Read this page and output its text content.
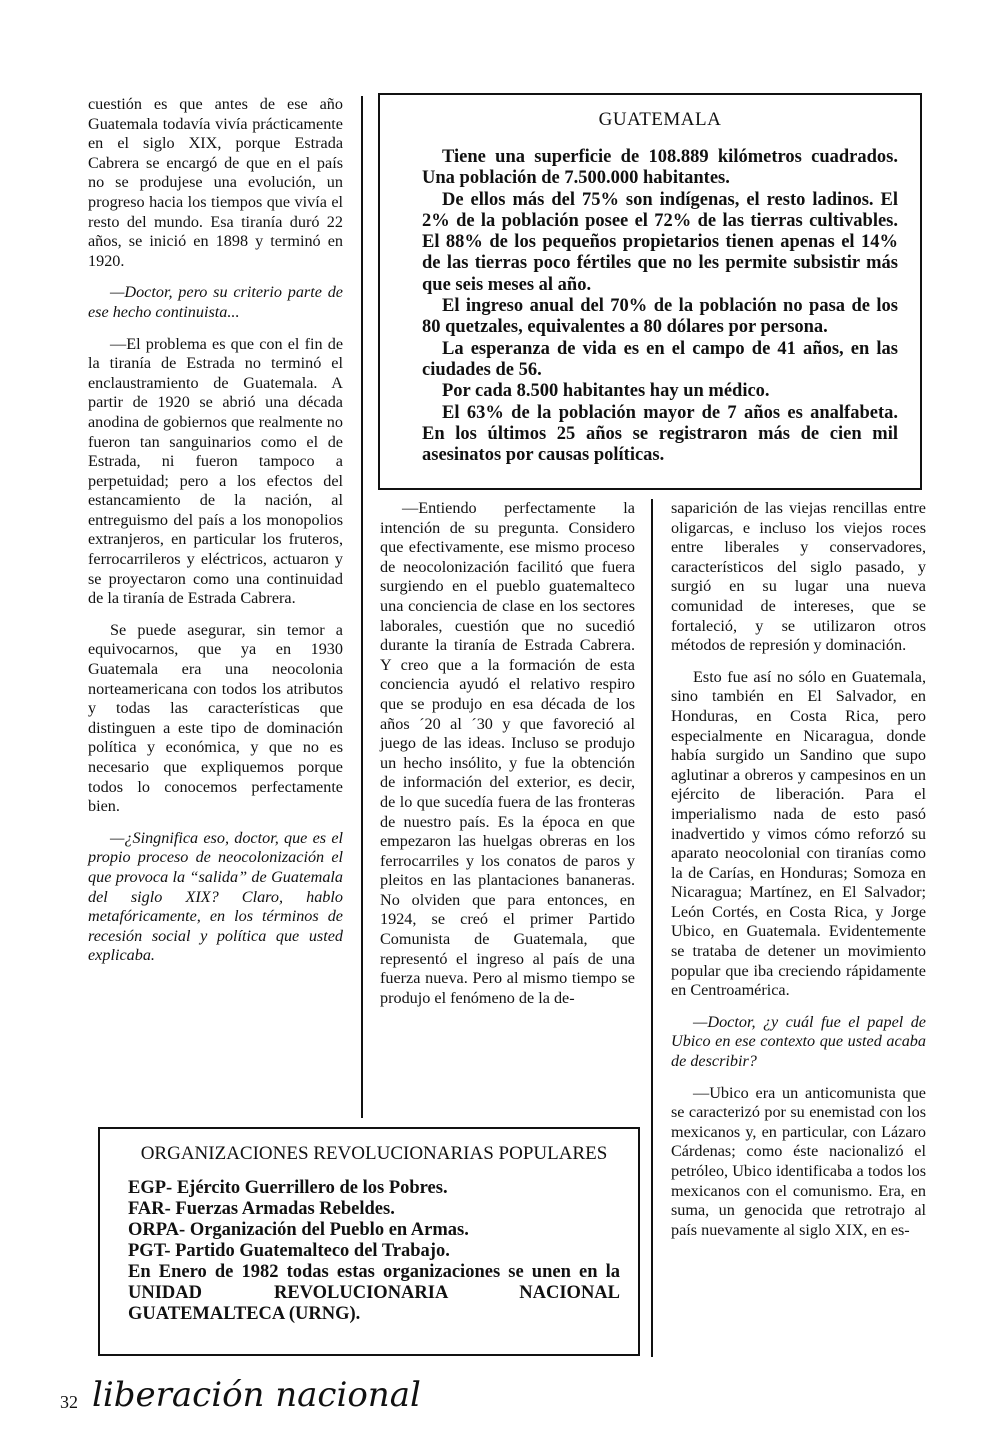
cuestión es que antes de ese año Guatemala todavía vivía prácticamente en el siglo XIX, porque Estrada Cabrera se encargó de que en el país no se produjese una evolución, un progreso hacia los tiempos que vivía el resto del mundo. Esa tiranía duró 22 años, se inició en 1898 y terminó en 1920.

—Doctor, pero su criterio parte de ese hecho continuista...

—El problema es que con el fin de la tiranía de Estrada no terminó el enclaustramiento de Guatemala. A partir de 1920 se abrió una década anodina de gobiernos que realmente no fueron tan sanguinarios como el de Estrada, ni fueron tampoco a perpetuidad; pero a los efectos del estancamiento de la nación, al entreguismo del país a los monopolios extranjeros, en particular los fruteros, ferrocarrileros y eléctricos, actuaron y se proyectaron como una continuidad de la tiranía de Estrada Cabrera.

Se puede asegurar, sin temor a equivocarnos, que ya en 1930 Guatemala era una neocolonia norteamericana con todos los atributos y todas las características que distinguen a este tipo de dominación política y económica, y que no es necesario que expliquemos porque todos lo conocemos perfectamente bien.

—¿Singnifica eso, doctor, que es el propio proceso de neocolonización el que provoca la “salida” de Guatemala del siglo XIX? Claro, hablo metafóricamente, en los términos de recesión social y política que usted explicaba.

GUATEMALA

Tiene una superficie de 108.889 kilómetros cuadrados. Una población de 7.500.000 habitantes.

De ellos más del 75% son indígenas, el resto ladinos. El 2% de la población posee el 72% de las tierras cultivables. El 88% de los pequeños propietarios tienen apenas el 14% de las tierras poco fértiles que no les permite subsistir más que seis meses al año.

El ingreso anual del 70% de la población no pasa de los 80 quetzales, equivalentes a 80 dólares por persona.

La esperanza de vida es en el campo de 41 años, en las ciudades de 56.

Por cada 8.500 habitantes hay un médico.

El 63% de la población mayor de 7 años es analfabeta. En los últimos 25 años se registraron más de cien mil asesinatos por causas políticas.

—Entiendo perfectamente la intención de su pregunta. Considero que efectivamente, ese mismo proceso de neocolonización facilitó que fuera surgiendo en el pueblo guatemalteco una conciencia de clase en los sectores laborales, cuestión que no sucedió durante la tiranía de Estrada Cabrera. Y creo que a la formación de esta conciencia ayudó el relativo respiro que se produjo en esa década de los años ´20 al ´30 y que favoreció al juego de las ideas. Incluso se produjo un hecho insólito, y fue la obtención de información del exterior, es decir, de lo que sucedía fuera de las fronteras de nuestro país. Es la época en que empezaron las huelgas obreras en los ferrocarriles y los conatos de paros y pleitos en las plantaciones bananeras. No olviden que para entonces, en 1924, se creó el primer Partido Comunista de Guatemala, que representó el ingreso al país de una fuerza nueva. Pero al mismo tiempo se produjo el fenómeno de la de-

saparición de las viejas rencillas entre oligarcas, e incluso los viejos roces entre liberales y conservadores, característicos del siglo pasado, y surgió en su lugar una nueva comunidad de intereses, que se fortaleció, y se utilizaron otros métodos de represión y dominación.

Esto fue así no sólo en Guatemala, sino también en El Salvador, en Honduras, en Costa Rica, pero especialmente en Nicaragua, donde había surgido un Sandino que supo aglutinar a obreros y campesinos en un ejército de liberación. Para el imperialismo nada de esto pasó inadvertido y vimos cómo reforzó su aparato neocolonial con tiranías como la de Carías, en Honduras; Somoza en Nicaragua; Martínez, en El Salvador; León Cortés, en Costa Rica, y Jorge Ubico, en Guatemala. Evidentemente se trataba de detener un movimiento popular que iba creciendo rápidamente en Centroamérica.

—Doctor, ¿y cuál fue el papel de Ubico en ese contexto que usted acaba de describir?

—Ubico era un anticomunista que se caracterizó por su enemistad con los mexicanos y, en particular, con Lázaro Cárdenas; como éste nacionalizó el petróleo, Ubico identificaba a todos los mexicanos con el comunismo. Era, en suma, un genocida que retrotrajo al país nuevamente al siglo XIX, en es-

ORGANIZACIONES REVOLUCIONARIAS POPULARES

EGP- Ejército Guerrillero de los Pobres.

FAR- Fuerzas Armadas Rebeldes.

ORPA- Organización del Pueblo en Armas.

PGT- Partido Guatemalteco del Trabajo.

En Enero de 1982 todas estas organizaciones se unen en la UNIDAD REVOLUCIONARIA NACIONAL GUATEMALTECA (URNG).

32 liberación nacional
